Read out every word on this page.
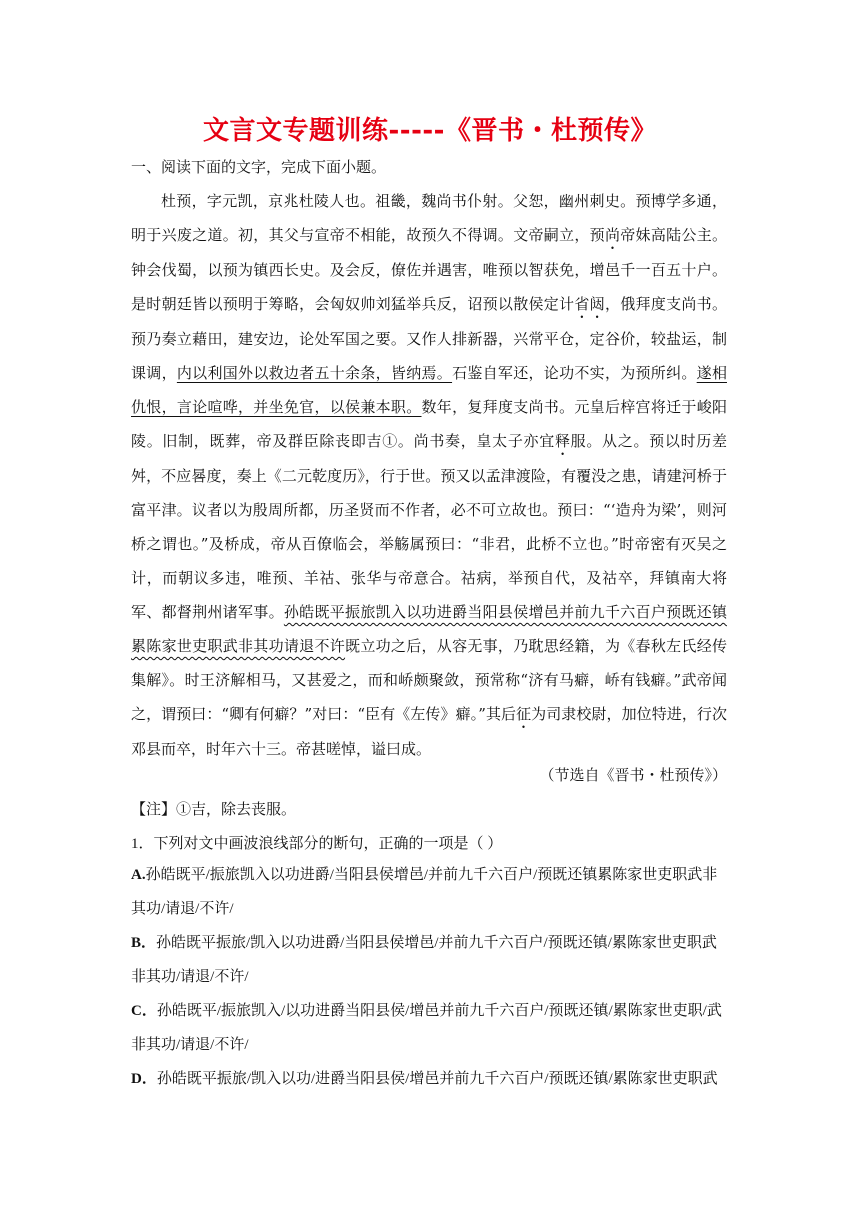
文言文专题训练-----《晋书・杜预传》
一、阅读下面的文字，完成下面小题。

杜预，字元凯，京兆杜陵人也。祖畿，魏尚书仆射。父恕，幽州刺史。预博学多通，明于兴废之道。初，其父与宣帝不相能，故预久不得调。文帝嗣立，预尚帝妹高陆公主。钟会伐蜀，以预为镇西长史。及会反，僚佐并遇害，唯预以智获免，增邑千一百五十户。是时朝廷皆以预明于筹略，会匈奴帅刘猛举兵反，诏预以散侯定计省闼，俄拜度支尚书。预乃奏立藉田，建安边，论处军国之要。又作人排新器，兴常平仓，定谷价，较盐运，制课调，内以利国外以救边者五十余条，皆纳焉。石鉴自军还，论功不实，为预所纠。遂相仇恨，言论喧哗，并坐免官，以侯兼本职。数年，复拜度支尚书。元皇后梓宫将迁于峻阳陵。旧制，既葬，帝及群臣除丧即吉①。尚书奏，皇太子亦宜释服。从之。预以时历差舛，不应晷度，奏上《二元乾度历》，行于世。预又以孟津渡险，有覆没之患，请建河桥于富平津。议者以为殷周所都，历圣贤而不作者，必不可立故也。预曰：“‘造舟为梁’，则河桥之谓也。”及桥成，帝从百僚临会，举觞属预曰：“非君，此桥不立也。”时帝密有灭吴之计，而朝议多违，唯预、羊祜、张华与帝意合。祜病，举预自代，及祜卒，拜镇南大将军、都督荆州诸军事。孙皓既平振旅凯入以功进爵当阳县侯增邑并前九千六百户预既还镇累陈家世吏职武非其功请退不许既立功之后，从容无事，乃耽思经籍，为《春秋左氏经传集解》。时王济解相马，又甚爱之，而和峤颇聚敛，预常称“济有马癖，峤有钱癖。”武帝闻之，谓预曰：“卿有何癖？”对曰：“臣有《左传》癖。”其后征为司隶校尉，加位特进，行次邓县而卒，时年六十三。帝甚嗟悼，谥曰成。

（节选自《晋书・杜预传》）
【注】①吉，除去丧服。
1．下列对文中画波浪线部分的断句，正确的一项是（ ）
A.孙皓既平/振旅凯入以功进爵/当阳县侯增邑/并前九千六百户/预既还镇累陈家世吏职武非其功/请退/不许/
B．孙皓既平振旅/凯入以功进爵/当阳县侯增邑/并前九千六百户/预既还镇/累陈家世吏职武非其功/请退/不许/
C．孙皓既平/振旅凯入/以功进爵当阳县侯/增邑并前九千六百户/预既还镇/累陈家世吏职/武非其功/请退/不许/
D．孙皓既平振旅/凯入以功/进爵当阳县侯/增邑并前九千六百户/预既还镇/累陈家世吏职武
